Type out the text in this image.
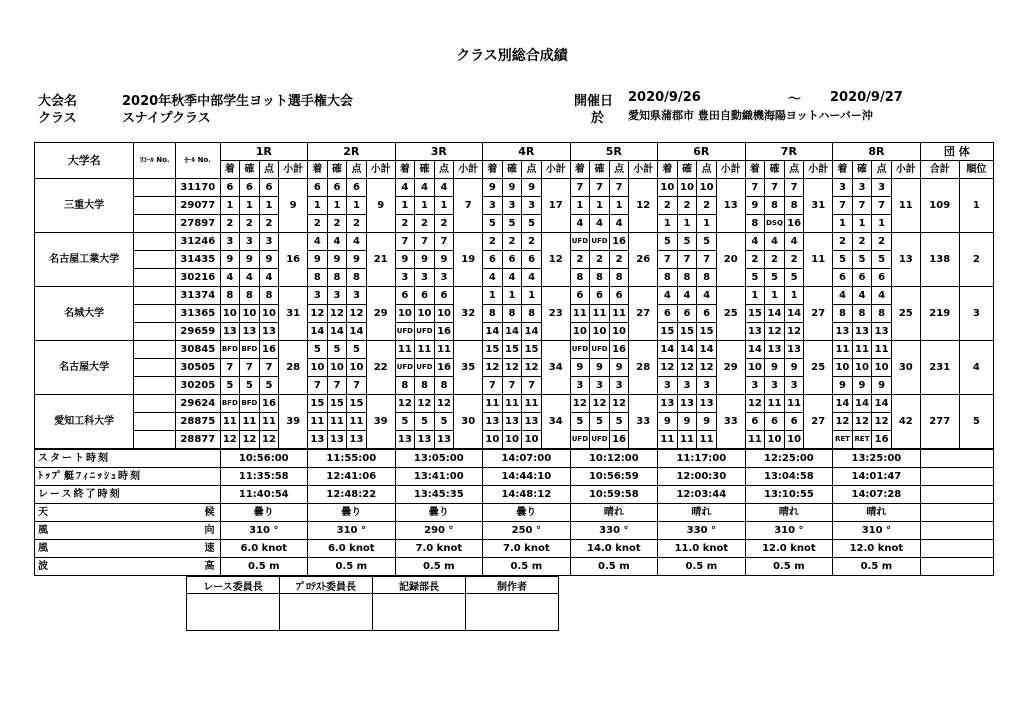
クラス別総合成績
大会名	2020年秋季中部学生ヨット選手権大会
クラス	スナイプクラス
開催日 2020/9/26	～ 2020/9/27
於 愛知県蒲郡市 豊田自動織機海陽ヨットハーバー沖
大学名	ﾘｺｰﾙ No.	ｾｰﾙ No.	1R				2R				3R				4R				5R				6R				7R				8R				団 体	
			着	確	点	小計	着	確	点	小計	着	確	点	小計	着	確	点	小計	着	確	点	小計	着	確	点	小計	着	確	点	小計	着	確	点	小計	合計	順位
三重大学		31170	6	6	6	9	6	6	6	9	4	4	4	7	9	9	9	17	7	7	7	12	10	10	10	13	7	7	7	31	3	3	3	11	109	1
		29077	1	1	1		1	1	1		1	1	1		3	3	3		1	1	1		2	2	2		9	8	8		7	7	7			
		27897	2	2	2		2	2	2		2	2	2		5	5	5		4	4	4		1	1	1		8	DSQ	16		1	1	1			
名古屋工業大学		31246	3	3	3	16	4	4	4	21	7	7	7	19	2	2	2	12	UFD	UFD	16	26	5	5	5	20	4	4	4	11	2	2	2	13	138	2
		31435	9	9	9		9	9	9		9	9	9		6	6	6		2	2	2		7	7	7		2	2	2		5	5	5			
		30216	4	4	4		8	8	8		3	3	3		4	4	4		8	8	8		8	8	8		5	5	5		6	6	6			
名城大学		31374	8	8	8	31	3	3	3	29	6	6	6	32	1	1	1	23	6	6	6	27	4	4	4	25	1	1	1	27	4	4	4	25	219	3
		31365	10	10	10		12	12	12		10	10	10		8	8	8		11	11	11		6	6	6		15	14	14		8	8	8			
		29659	13	13	13		14	14	14		UFD	UFD	16		14	14	14		10	10	10		15	15	15		13	12	12		13	13	13			
名古屋大学		30845	BFD	BFD	16	28	5	5	5	22	11	11	11	35	15	15	15	34	UFD	UFD	16	28	14	14	14	29	14	13	13	25	11	11	11	30	231	4
		30505	7	7	7		10	10	10		UFD	UFD	16		12	12	12		9	9	9		12	12	12		10	9	9		10	10	10			
		30205	5	5	5		7	7	7		8	8	8		7	7	7		3	3	3		3	3	3		3	3	3		9	9	9			
愛知工科大学		29624	BFD	BFD	16	39	15	15	15	39	12	12	12	30	11	11	11	34	12	12	12	33	13	13	13	33	12	11	11	27	14	14	14	42	277	5
		28875	11	11	11		11	11	11		5	5	5		13	13	13		5	5	5		9	9	9		6	6	6		12	12	12			
		28877	12	12	12		13	13	13		13	13	13		10	10	10		UFD	UFD	16		11	11	11		11	10	10		RET	RET	16			
スタート時刻			10:56:00				11:55:00				13:05:00				14:07:00				10:12:00				11:17:00				12:25:00				13:25:00					
ﾄｯﾌﾟ艇ﾌｨﾆｯｼｭ時刻			11:35:58				12:41:06				13:41:00				14:44:10				10:56:59				12:00:30				13:04:58				14:01:47					
レース終了時刻			11:40:54				12:48:22				13:45:35				14:48:12				10:59:58				12:03:44				13:10:55				14:07:28					
天 候			曇り				曇り				曇り				曇り				晴れ				晴れ				晴れ				晴れ					
風 向			310 °				310 °				290 °				250 °				330 °				330 °				310 °				310 °					
風 速			6.0 knot				6.0 knot				7.0 knot				7.0 knot				14.0 knot				11.0 knot				12.0 knot				12.0 knot					
波 高			0.5 m				0.5 m				0.5 m				0.5 m				0.5 m				0.5 m				0.5 m				0.5 m					
レース委員長	ﾌﾟﾛﾃｽﾄ委員長	記録部長	制作者
